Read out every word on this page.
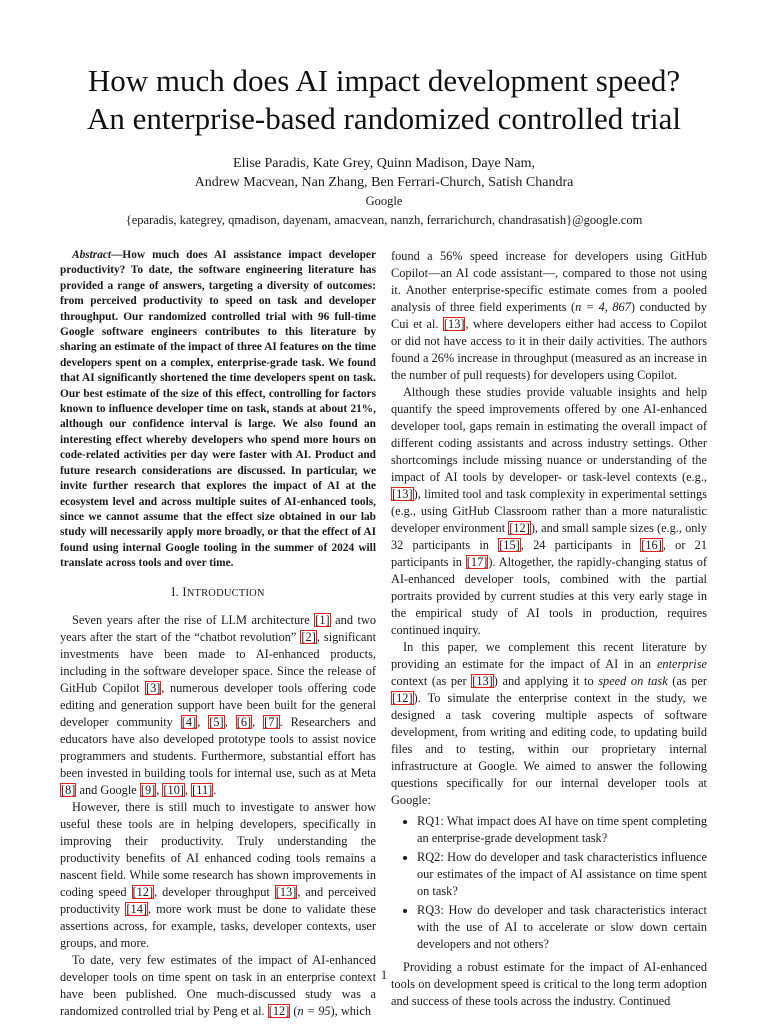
How much does AI impact development speed?
An enterprise-based randomized controlled trial
Elise Paradis, Kate Grey, Quinn Madison, Daye Nam,
Andrew Macvean, Nan Zhang, Ben Ferrari-Church, Satish Chandra
Google
{eparadis, kategrey, qmadison, dayenam, amacvean, nanzh, ferrarichurch, chandrasatish}@google.com

Abstract—How much does AI assistance impact developer productivity? To date, the software engineering literature has provided a range of answers, targeting a diversity of outcomes: from perceived productivity to speed on task and developer throughput. Our randomized controlled trial with 96 full-time Google software engineers contributes to this literature by sharing an estimate of the impact of three AI features on the time developers spent on a complex, enterprise-grade task. We found that AI significantly shortened the time developers spent on task. Our best estimate of the size of this effect, controlling for factors known to influence developer time on task, stands at about 21%, although our confidence interval is large. We also found an interesting effect whereby developers who spend more hours on code-related activities per day were faster with AI. Product and future research considerations are discussed. In particular, we invite further research that explores the impact of AI at the ecosystem level and across multiple suites of AI-enhanced tools, since we cannot assume that the effect size obtained in our lab study will necessarily apply more broadly, or that the effect of AI found using internal Google tooling in the summer of 2024 will translate across tools and over time.

I. INTRODUCTION

Seven years after the rise of LLM architecture [1] and two years after the start of the “chatbot revolution” [2], significant investments have been made to AI-enhanced products, including in the software developer space. Since the release of GitHub Copilot [3], numerous developer tools offering code editing and generation support have been built for the general developer community [4], [5], [6], [7]. Researchers and educators have also developed prototype tools to assist novice programmers and students. Furthermore, substantial effort has been invested in building tools for internal use, such as at Meta [8] and Google [9], [10], [11].

However, there is still much to investigate to answer how useful these tools are in helping developers, specifically in improving their productivity. Truly understanding the productivity benefits of AI enhanced coding tools remains a nascent field. While some research has shown improvements in coding speed [12], developer throughput [13], and perceived productivity [14], more work must be done to validate these assertions across, for example, tasks, developer contexts, user groups, and more.

To date, very few estimates of the impact of AI-enhanced developer tools on time spent on task in an enterprise context have been published. One much-discussed study was a randomized controlled trial by Peng et al. [12] (n = 95), which

found a 56% speed increase for developers using GitHub Copilot—an AI code assistant—, compared to those not using it. Another enterprise-specific estimate comes from a pooled analysis of three field experiments (n = 4, 867) conducted by Cui et al. [13], where developers either had access to Copilot or did not have access to it in their daily activities. The authors found a 26% increase in throughput (measured as an increase in the number of pull requests) for developers using Copilot.

Although these studies provide valuable insights and help quantify the speed improvements offered by one AI-enhanced developer tool, gaps remain in estimating the overall impact of different coding assistants and across industry settings. Other shortcomings include missing nuance or understanding of the impact of AI tools by developer- or task-level contexts (e.g., [13]), limited tool and task complexity in experimental settings (e.g., using GitHub Classroom rather than a more naturalistic developer environment [12]), and small sample sizes (e.g., only 32 participants in [15], 24 participants in [16], or 21 participants in [17]). Altogether, the rapidly-changing status of AI-enhanced developer tools, combined with the partial portraits provided by current studies at this very early stage in the empirical study of AI tools in production, requires continued inquiry.

In this paper, we complement this recent literature by providing an estimate for the impact of AI in an enterprise context (as per [13]) and applying it to speed on task (as per [12]). To simulate the enterprise context in the study, we designed a task covering multiple aspects of software development, from writing and editing code, to updating build files and to testing, within our proprietary internal infrastructure at Google. We aimed to answer the following questions specifically for our internal developer tools at Google:

• RQ1: What impact does AI have on time spent completing an enterprise-grade development task?
• RQ2: How do developer and task characteristics influence our estimates of the impact of AI assistance on time spent on task?
• RQ3: How do developer and task characteristics interact with the use of AI to accelerate or slow down certain developers and not others?

Providing a robust estimate for the impact of AI-enhanced tools on development speed is critical to the long term adoption and success of these tools across the industry. Continued

1
